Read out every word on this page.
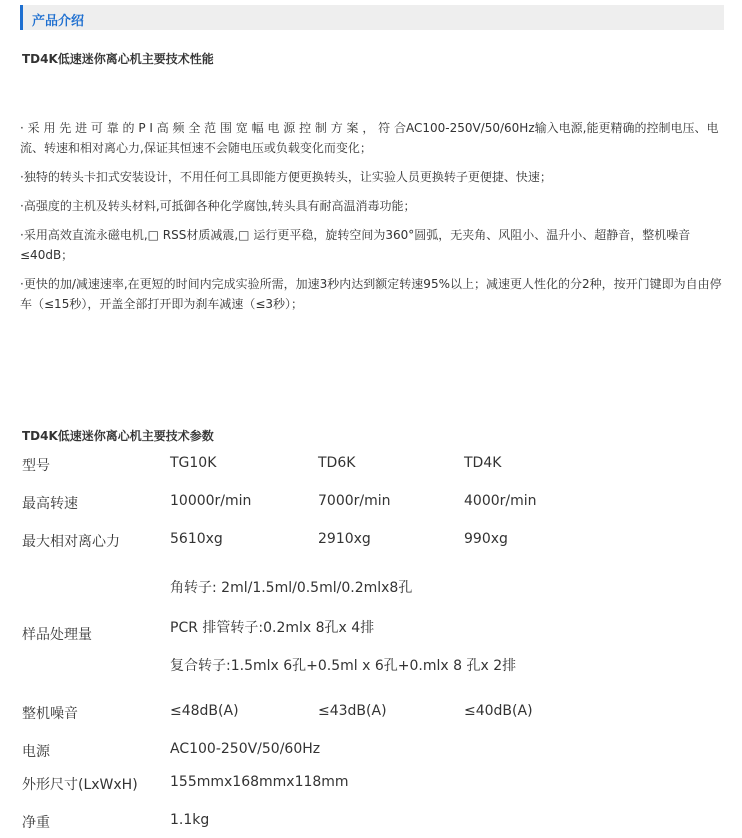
产品介绍
TD4K低速迷你离心机主要技术性能

· 采 用 先 进 可 靠 的 P I 高 频 全 范 围 宽 幅 电 源 控 制 方 案 ， 符 合AC100-250V/50/60Hz输入电源,能更精确的控制电压、电流、转速和相对离心力,保证其恒速不会随电压或负载变化而变化；

·独特的转头卡扣式安装设计，不用任何工具即能方便更换转头，让实验人员更换转子更便捷、快速；

·高强度的主机及转头材料,可抵御各种化学腐蚀,转头具有耐高温消毒功能；

·采用高效直流永磁电机,□ RSS材质减震,□ 运行更平稳，旋转空间为360°圆弧，无夹角、风阻小、温升小、超静音，整机噪音≤40dB；

·更快的加/减速速率,在更短的时间内完成实验所需，加速3秒内达到额定转速95%以上；减速更人性化的分2种，按开门键即为自由停车（≤15秒），开盖全部打开即为刹车减速（≤3秒）；

TD4K低速迷你离心机主要技术参数
型号	TG10K	TD6K	TD4K
最高转速	10000r/min	7000r/min	4000r/min
最大相对离心力	5610xg	2910xg	990xg
样品处理量
角转子: 2ml/1.5ml/0.5ml/0.2mlx8孔
PCR 排管转子:0.2mlx 8孔x 4排
复合转子:1.5mlx 6孔+0.5ml x 6孔+0.mlx 8 孔x 2排
整机噪音	≤48dB(A)	≤43dB(A)	≤40dB(A)
电源	AC100-250V/50/60Hz
外形尺寸(LxWxH) 155mmx168mmx118mm
净重	1.1kg
